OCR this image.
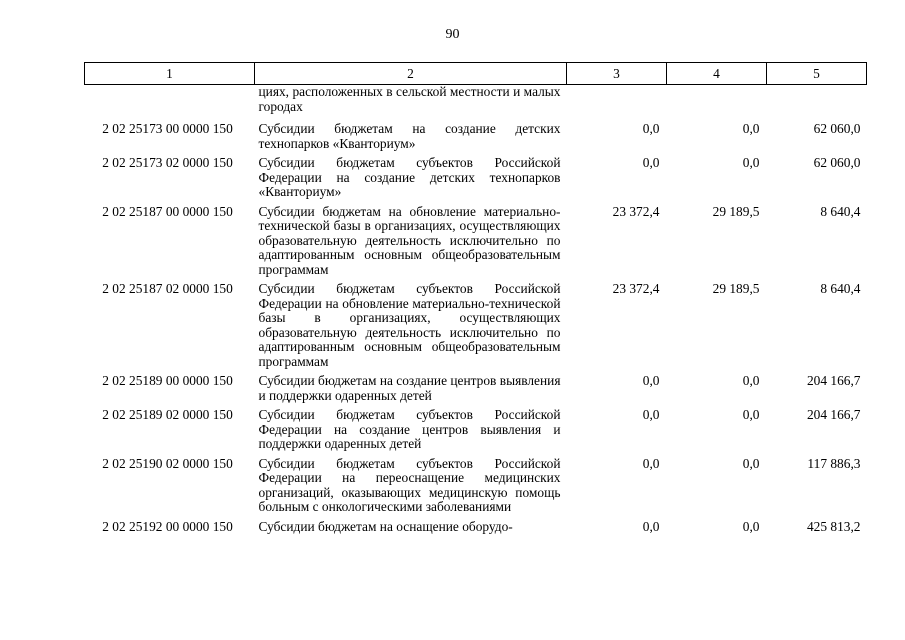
90
1	2	3	4	5
	циях, расположенных в сельской местности и малых городах			
2 02 25173 00 0000 150	Субсидии бюджетам на создание детских технопарков «Кванториум»	0,0	0,0	62 060,0
2 02 25173 02 0000 150	Субсидии бюджетам субъектов Российской Федерации на создание детских технопарков «Кванториум»	0,0	0,0	62 060,0
2 02 25187 00 0000 150	Субсидии бюджетам на обновление материально-технической базы в организациях, осуществляющих образовательную деятельность исключительно по адаптированным основным общеобразовательным программам	23 372,4	29 189,5	8 640,4
2 02 25187 02 0000 150	Субсидии бюджетам субъектов Российской Федерации на обновление материально-технической базы в организациях, осуществляющих образовательную деятельность исключительно по адаптированным основным общеобразовательным программам	23 372,4	29 189,5	8 640,4
2 02 25189 00 0000 150	Субсидии бюджетам на создание центров выявления и поддержки одаренных детей	0,0	0,0	204 166,7
2 02 25189 02 0000 150	Субсидии бюджетам субъектов Российской Федерации на создание центров выявления и поддержки одаренных детей	0,0	0,0	204 166,7
2 02 25190 02 0000 150	Субсидии бюджетам субъектов Российской Федерации на переоснащение медицинских организаций, оказывающих медицинскую помощь больным с онкологическими заболеваниями	0,0	0,0	117 886,3
2 02 25192 00 0000 150	Субсидии бюджетам на оснащение оборудо-	0,0	0,0	425 813,2
